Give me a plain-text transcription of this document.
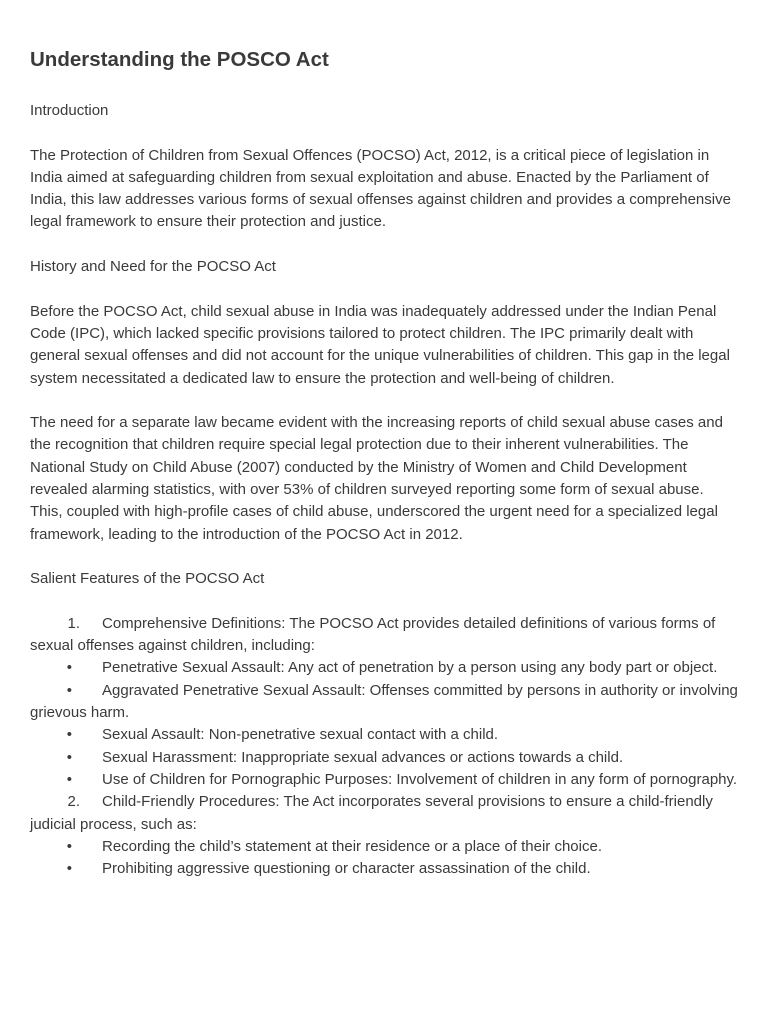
Understanding the POSCO Act

Introduction

The Protection of Children from Sexual Offences (POCSO) Act, 2012, is a critical piece of legislation in India aimed at safeguarding children from sexual exploitation and abuse. Enacted by the Parliament of India, this law addresses various forms of sexual offenses against children and provides a comprehensive legal framework to ensure their protection and justice.

History and Need for the POCSO Act

Before the POCSO Act, child sexual abuse in India was inadequately addressed under the Indian Penal Code (IPC), which lacked specific provisions tailored to protect children. The IPC primarily dealt with general sexual offenses and did not account for the unique vulnerabilities of children. This gap in the legal system necessitated a dedicated law to ensure the protection and well-being of children.

The need for a separate law became evident with the increasing reports of child sexual abuse cases and the recognition that children require special legal protection due to their inherent vulnerabilities. The National Study on Child Abuse (2007) conducted by the Ministry of Women and Child Development revealed alarming statistics, with over 53% of children surveyed reporting some form of sexual abuse. This, coupled with high-profile cases of child abuse, underscored the urgent need for a specialized legal framework, leading to the introduction of the POCSO Act in 2012.

Salient Features of the POCSO Act

1. Comprehensive Definitions: The POCSO Act provides detailed definitions of various forms of sexual offenses against children, including:

• Penetrative Sexual Assault: Any act of penetration by a person using any body part or object.

• Aggravated Penetrative Sexual Assault: Offenses committed by persons in authority or involving grievous harm.

• Sexual Assault: Non-penetrative sexual contact with a child.

• Sexual Harassment: Inappropriate sexual advances or actions towards a child.

• Use of Children for Pornographic Purposes: Involvement of children in any form of pornography.

2. Child-Friendly Procedures: The Act incorporates several provisions to ensure a child-friendly judicial process, such as:

• Recording the child’s statement at their residence or a place of their choice.

• Prohibiting aggressive questioning or character assassination of the child.
